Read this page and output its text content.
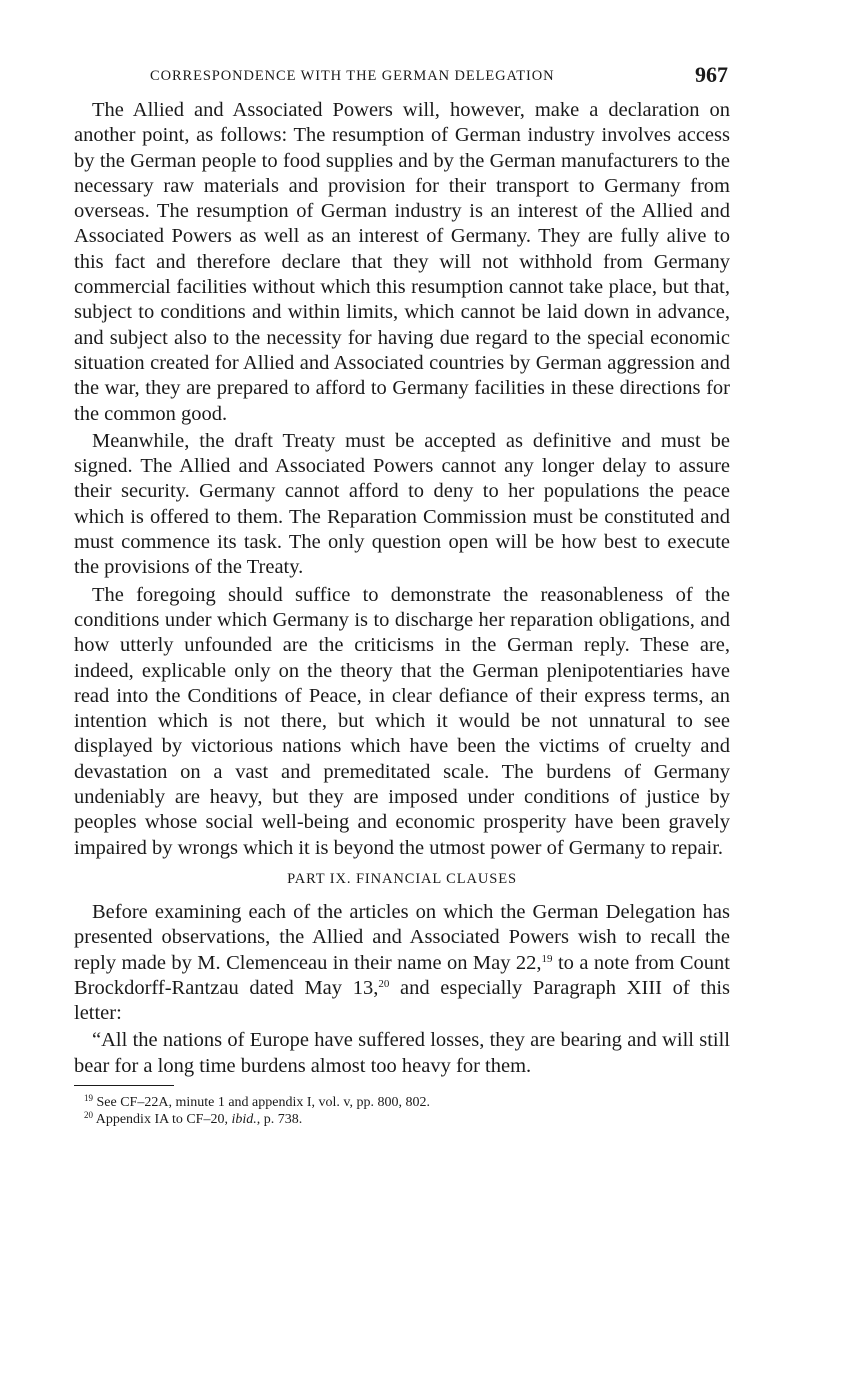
CORRESPONDENCE WITH THE GERMAN DELEGATION	967

The Allied and Associated Powers will, however, make a declaration on another point, as follows: The resumption of German industry involves access by the German people to food supplies and by the German manufacturers to the necessary raw materials and provision for their transport to Germany from overseas. The resumption of German industry is an interest of the Allied and Associated Powers as well as an interest of Germany. They are fully alive to this fact and therefore declare that they will not withhold from Germany commercial facilities without which this resumption cannot take place, but that, subject to conditions and within limits, which cannot be laid down in advance, and subject also to the necessity for having due regard to the special economic situation created for Allied and Associated countries by German aggression and the war, they are prepared to afford to Germany facilities in these directions for the common good.

Meanwhile, the draft Treaty must be accepted as definitive and must be signed. The Allied and Associated Powers cannot any longer delay to assure their security. Germany cannot afford to deny to her populations the peace which is offered to them. The Reparation Commission must be constituted and must commence its task. The only question open will be how best to execute the provisions of the Treaty.

The foregoing should suffice to demonstrate the reasonableness of the conditions under which Germany is to discharge her reparation obligations, and how utterly unfounded are the criticisms in the German reply. These are, indeed, explicable only on the theory that the German plenipotentiaries have read into the Conditions of Peace, in clear defiance of their express terms, an intention which is not there, but which it would be not unnatural to see displayed by victorious nations which have been the victims of cruelty and devastation on a vast and premeditated scale. The burdens of Germany undeniably are heavy, but they are imposed under conditions of justice by peoples whose social well-being and economic prosperity have been gravely impaired by wrongs which it is beyond the utmost power of Germany to repair.

PART IX. FINANCIAL CLAUSES

Before examining each of the articles on which the German Delegation has presented observations, the Allied and Associated Powers wish to recall the reply made by M. Clemenceau in their name on May 22,19 to a note from Count Brockdorff-Rantzau dated May 13,20 and especially Paragraph XIII of this letter:

“All the nations of Europe have suffered losses, they are bearing and will still bear for a long time burdens almost too heavy for them.

$^{19}$ See CF–22A, minute 1 and appendix I, vol. v, pp. 800, 802.

$^{20}$ Appendix IA to CF–20, ibid., p. 738.
